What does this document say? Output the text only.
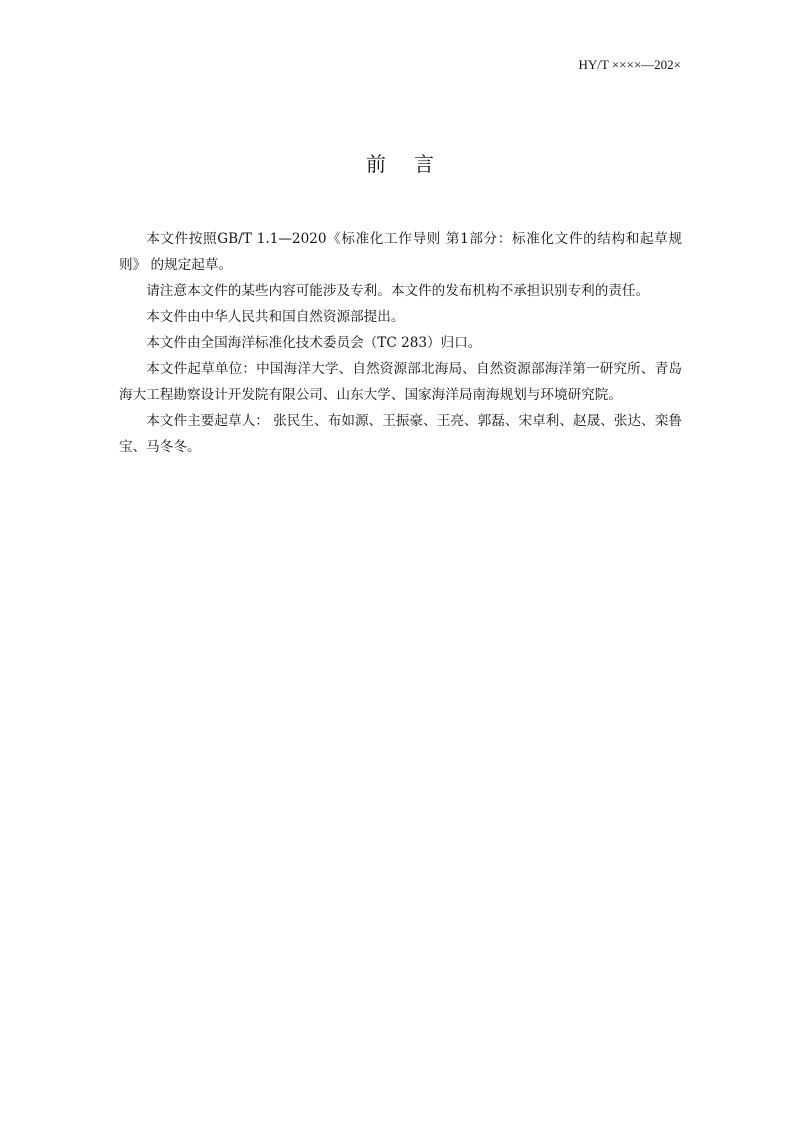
HY/T ××××—202×
前 言

本文件按照GB/T 1.1—2020《标准化工作导则 第1部分：标准化文件的结构和起草规则》 的规定起草。

请注意本文件的某些内容可能涉及专利。本文件的发布机构不承担识别专利的责任。

本文件由中华人民共和国自然资源部提出。

本文件由全国海洋标准化技术委员会（TC 283）归口。

本文件起草单位：中国海洋大学、自然资源部北海局、自然资源部海洋第一研究所、青岛海大工程勘察设计开发院有限公司、山东大学、国家海洋局南海规划与环境研究院。

本文件主要起草人： 张民生、布如源、王振豪、王亮、郭磊、宋卓利、赵晟、张达、栾鲁宝、马冬冬。
